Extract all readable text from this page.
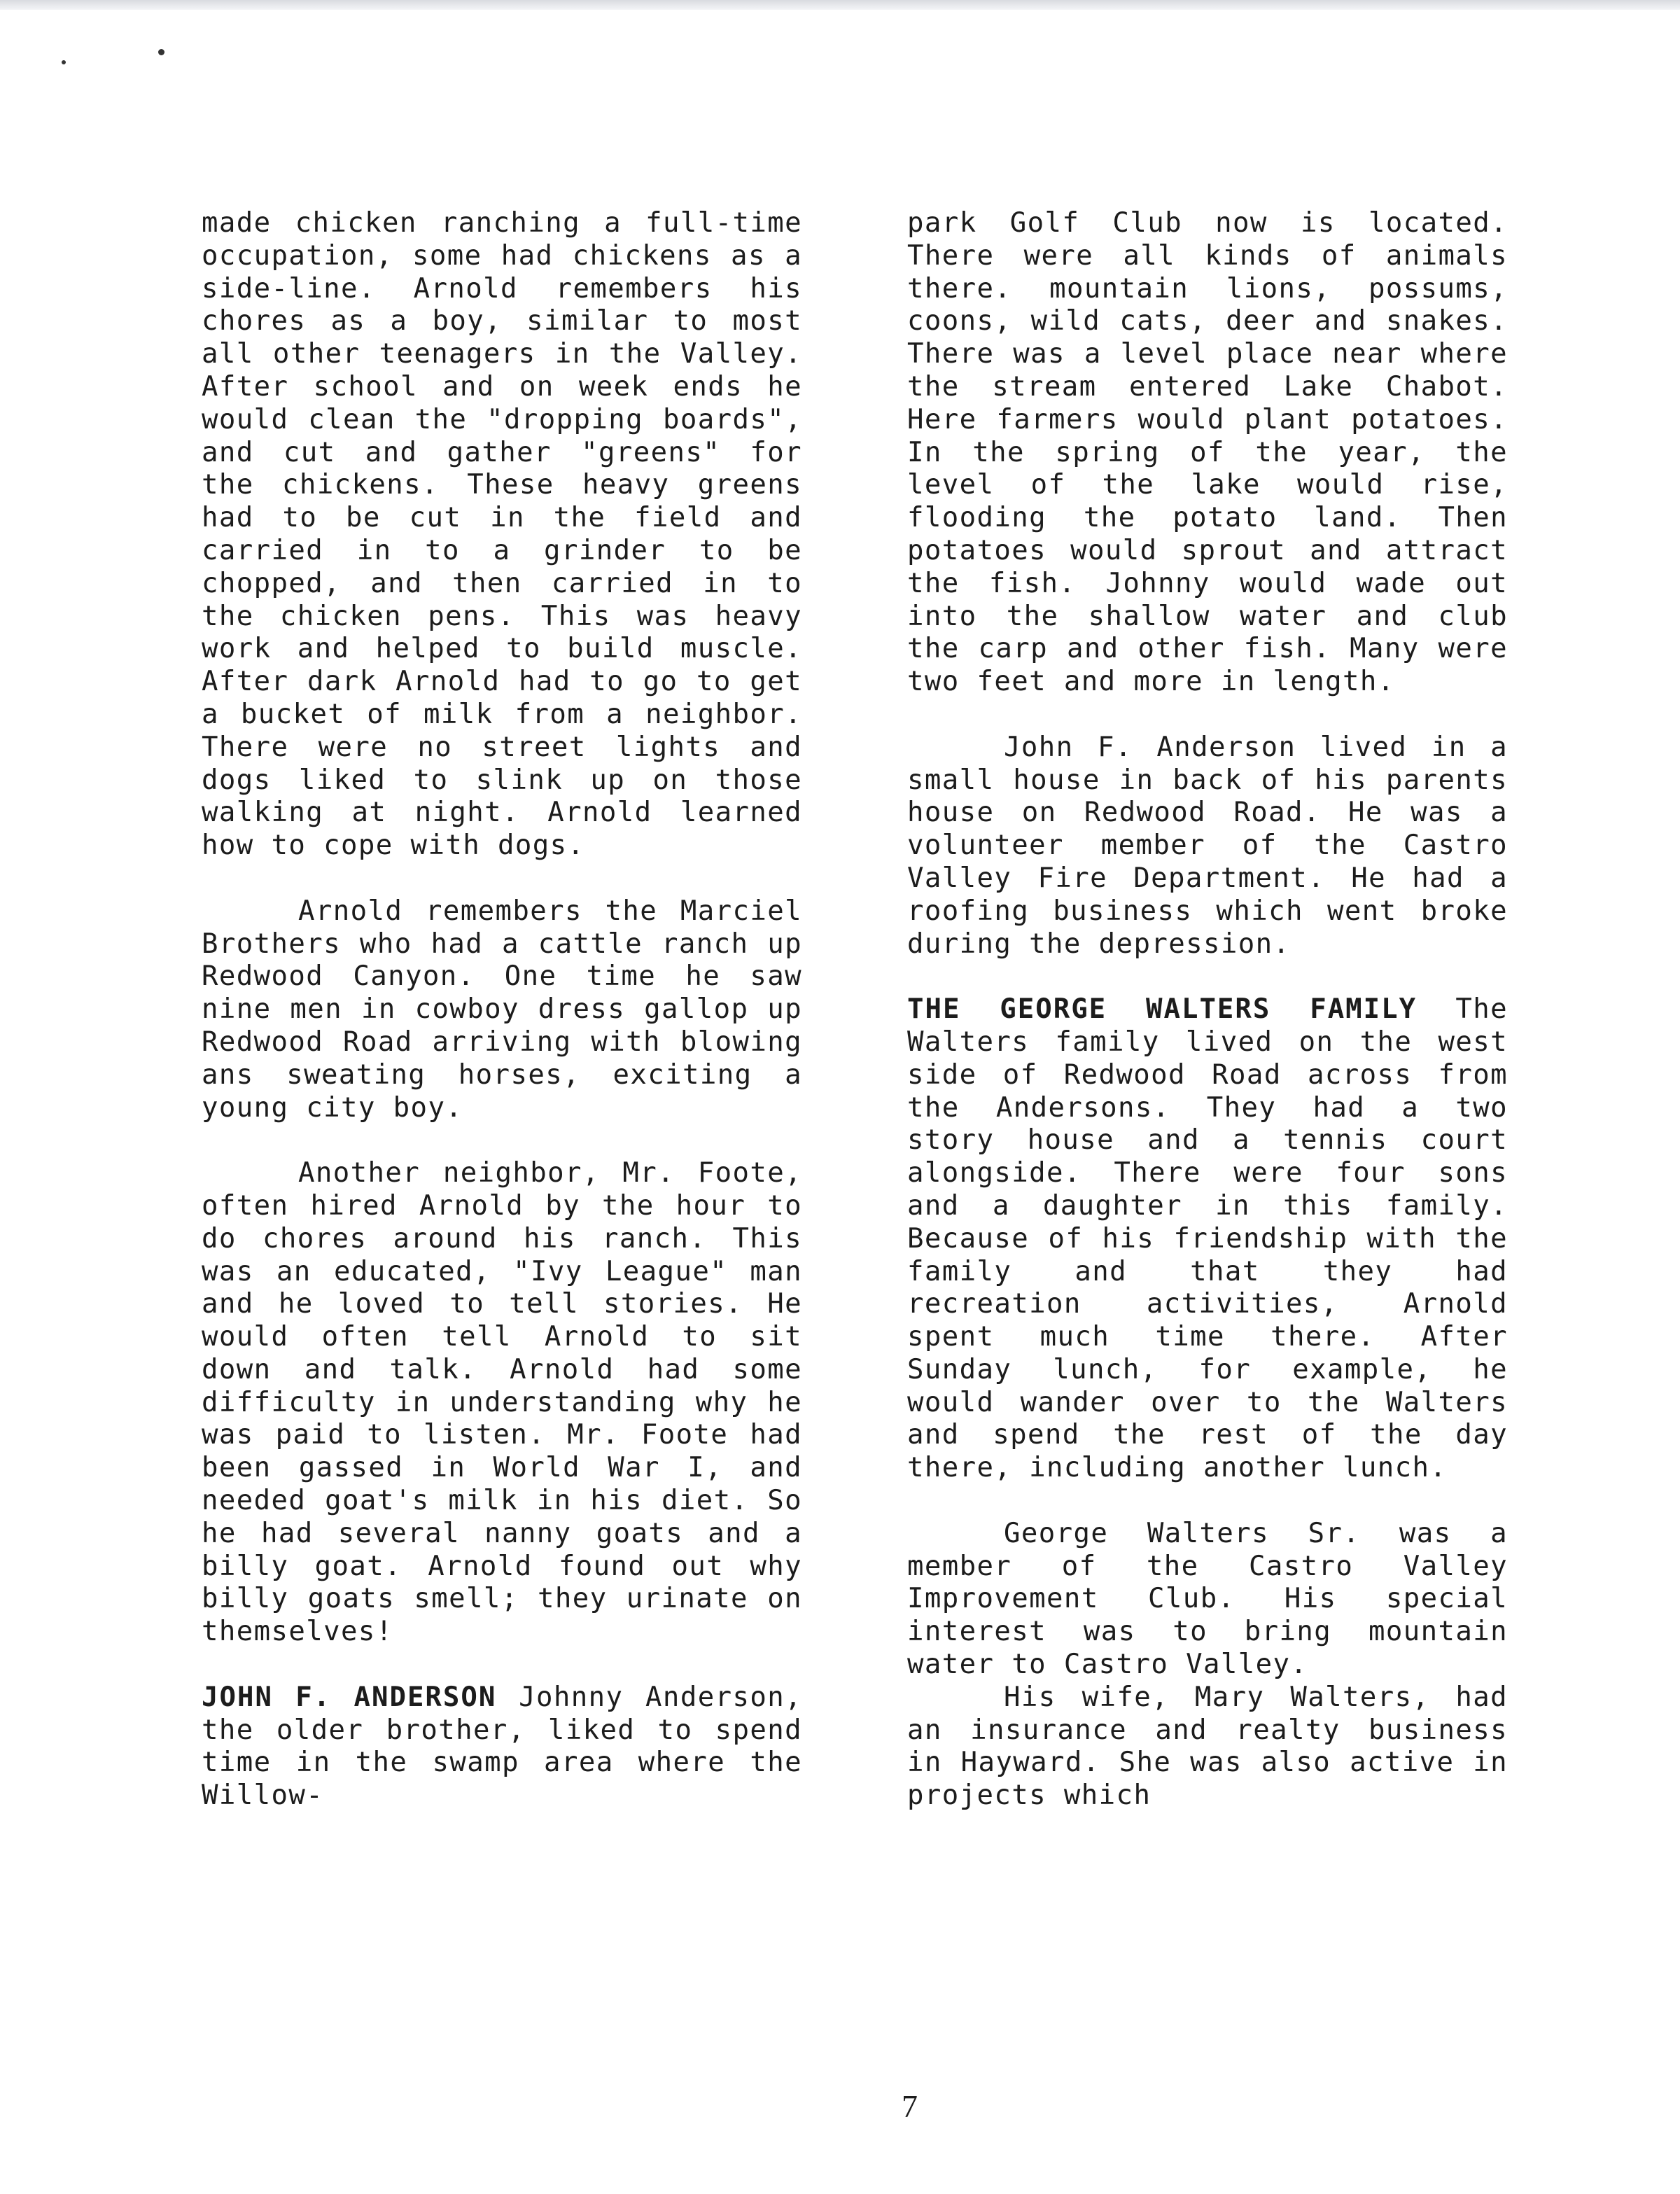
made chicken ranching a full-time occupation, some had chickens as a side-line. Arnold remembers his chores as a boy, similar to most all other teenagers in the Valley. After school and on week ends he would clean the "dropping boards", and cut and gather "greens" for the chickens. These heavy greens had to be cut in the field and carried in to a grinder to be chopped, and then carried in to the chicken pens. This was heavy work and helped to build muscle. After dark Arnold had to go to get a bucket of milk from a neighbor. There were no street lights and dogs liked to slink up on those walking at night. Arnold learned how to cope with dogs.

Arnold remembers the Marciel Brothers who had a cattle ranch up Redwood Canyon. One time he saw nine men in cowboy dress gallop up Redwood Road arriving with blowing ans sweating horses, exciting a young city boy.

Another neighbor, Mr. Foote, often hired Arnold by the hour to do chores around his ranch. This was an educated, "Ivy League" man and he loved to tell stories. He would often tell Arnold to sit down and talk. Arnold had some difficulty in understanding why he was paid to listen. Mr. Foote had been gassed in World War I, and needed goat's milk in his diet. So he had several nanny goats and a billy goat. Arnold found out why billy goats smell; they urinate on themselves!

JOHN F. ANDERSON Johnny Anderson, the older brother, liked to spend time in the swamp area where the Willow-

park Golf Club now is located. There were all kinds of animals there. mountain lions, possums, coons, wild cats, deer and snakes. There was a level place near where the stream entered Lake Chabot. Here farmers would plant potatoes. In the spring of the year, the level of the lake would rise, flooding the potato land. Then potatoes would sprout and attract the fish. Johnny would wade out into the shallow water and club the carp and other fish. Many were two feet and more in length.

John F. Anderson lived in a small house in back of his parents house on Redwood Road. He was a volunteer member of the Castro Valley Fire Department. He had a roofing business which went broke during the depression.

THE GEORGE WALTERS FAMILY The Walters family lived on the west side of Redwood Road across from the Andersons. They had a two story house and a tennis court alongside. There were four sons and a daughter in this family. Because of his friendship with the family and that they had recreation activities, Arnold spent much time there. After Sunday lunch, for example, he would wander over to the Walters and spend the rest of the day there, including another lunch.

George Walters Sr. was a member of the Castro Valley Improvement Club. His special interest was to bring mountain water to Castro Valley.

His wife, Mary Walters, had an insurance and realty business in Hayward. She was also active in projects which

7
